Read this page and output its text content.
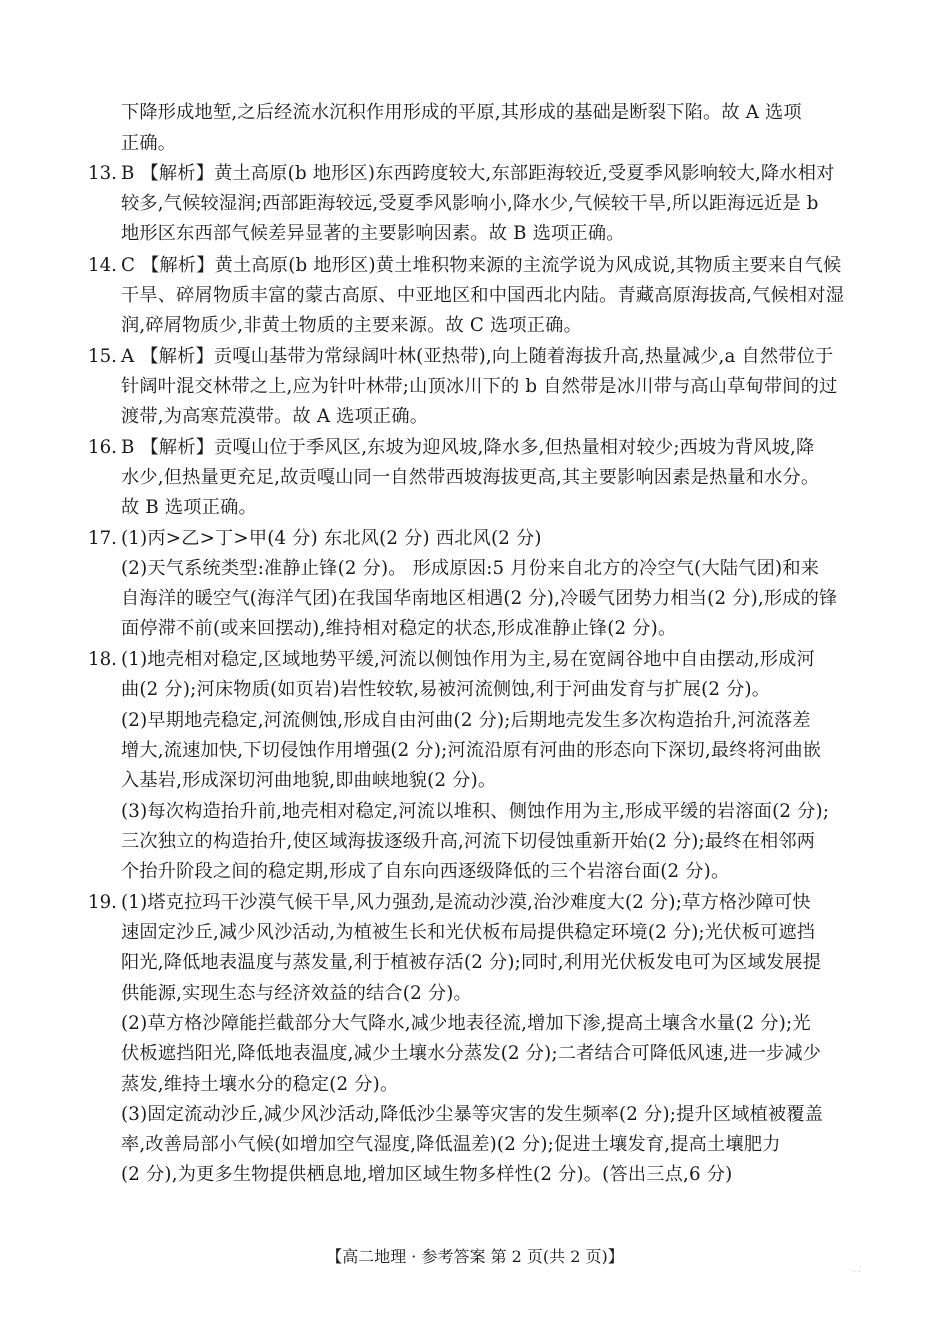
下降形成地堑,之后经流水沉积作用形成的平原,其形成的基础是断裂下陷。故 A 选项
正确。
13. B 【解析】黄土高原(b 地形区)东西跨度较大,东部距海较近,受夏季风影响较大,降水相对
较多,气候较湿润;西部距海较远,受夏季风影响小,降水少,气候较干旱,所以距海远近是 b
地形区东西部气候差异显著的主要影响因素。故 B 选项正确。
14. C 【解析】黄土高原(b 地形区)黄土堆积物来源的主流学说为风成说,其物质主要来自气候
干旱、碎屑物质丰富的蒙古高原、中亚地区和中国西北内陆。青藏高原海拔高,气候相对湿
润,碎屑物质少,非黄土物质的主要来源。故 C 选项正确。
15. A 【解析】贡嘎山基带为常绿阔叶林(亚热带),向上随着海拔升高,热量减少,a 自然带位于
针阔叶混交林带之上,应为针叶林带;山顶冰川下的 b 自然带是冰川带与高山草甸带间的过
渡带,为高寒荒漠带。故 A 选项正确。
16. B 【解析】贡嘎山位于季风区,东坡为迎风坡,降水多,但热量相对较少;西坡为背风坡,降
水少,但热量更充足,故贡嘎山同一自然带西坡海拔更高,其主要影响因素是热量和水分。
故 B 选项正确。
17. (1)丙>乙>丁>甲(4 分) 东北风(2 分) 西北风(2 分)
(2)天气系统类型:准静止锋(2 分)。 形成原因:5 月份来自北方的冷空气(大陆气团)和来
自海洋的暖空气(海洋气团)在我国华南地区相遇(2 分),冷暖气团势力相当(2 分),形成的锋
面停滞不前(或来回摆动),维持相对稳定的状态,形成准静止锋(2 分)。
18. (1)地壳相对稳定,区域地势平缓,河流以侧蚀作用为主,易在宽阔谷地中自由摆动,形成河
曲(2 分);河床物质(如页岩)岩性较软,易被河流侧蚀,利于河曲发育与扩展(2 分)。
(2)早期地壳稳定,河流侧蚀,形成自由河曲(2 分);后期地壳发生多次构造抬升,河流落差
增大,流速加快,下切侵蚀作用增强(2 分);河流沿原有河曲的形态向下深切,最终将河曲嵌
入基岩,形成深切河曲地貌,即曲峡地貌(2 分)。
(3)每次构造抬升前,地壳相对稳定,河流以堆积、侧蚀作用为主,形成平缓的岩溶面(2 分);
三次独立的构造抬升,使区域海拔逐级升高,河流下切侵蚀重新开始(2 分);最终在相邻两
个抬升阶段之间的稳定期,形成了自东向西逐级降低的三个岩溶台面(2 分)。
19. (1)塔克拉玛干沙漠气候干旱,风力强劲,是流动沙漠,治沙难度大(2 分);草方格沙障可快
速固定沙丘,减少风沙活动,为植被生长和光伏板布局提供稳定环境(2 分);光伏板可遮挡
阳光,降低地表温度与蒸发量,利于植被存活(2 分);同时,利用光伏板发电可为区域发展提
供能源,实现生态与经济效益的结合(2 分)。
(2)草方格沙障能拦截部分大气降水,减少地表径流,增加下渗,提高土壤含水量(2 分);光
伏板遮挡阳光,降低地表温度,减少土壤水分蒸发(2 分);二者结合可降低风速,进一步减少
蒸发,维持土壤水分的稳定(2 分)。
(3)固定流动沙丘,减少风沙活动,降低沙尘暴等灾害的发生频率(2 分);提升区域植被覆盖
率,改善局部小气候(如增加空气湿度,降低温差)(2 分);促进土壤发育,提高土壤肥力
(2 分),为更多生物提供栖息地,增加区域生物多样性(2 分)。(答出三点,6 分)
【高二地理 · 参考答案 第 2 页(共 2 页)】
. .
